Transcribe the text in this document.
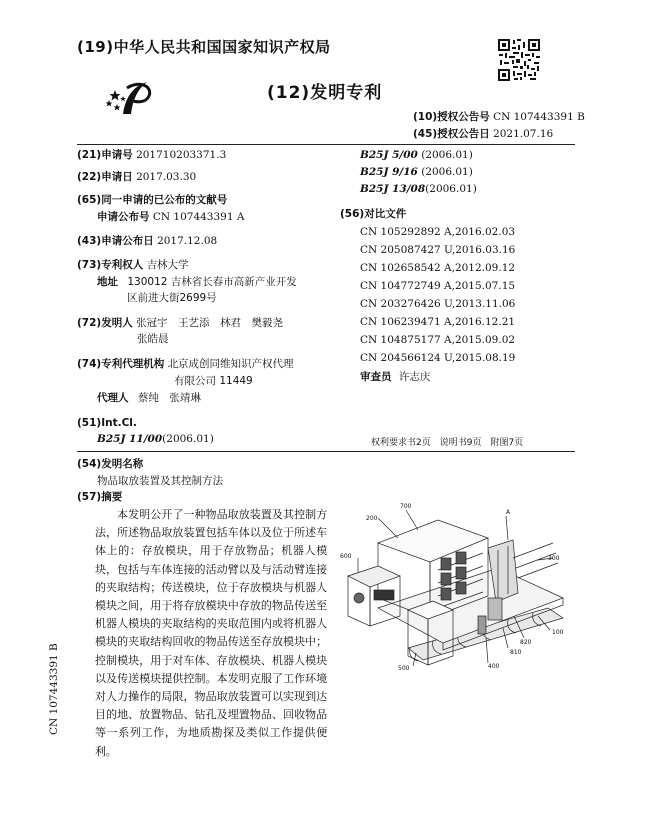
(19)中华人民共和国国家知识产权局
(12)发明专利
(10)授权公告号 CN 107443391 B
(45)授权公告日 2021.07.16
(21)申请号 201710203371.3
(22)申请日 2017.03.30
(65)同一申请的已公布的文献号
申请公布号 CN 107443391 A
(43)申请公布日 2017.12.08
(73)专利权人 吉林大学
地址 130012 吉林省长春市高新产业开发
区前进大街2699号
(72)发明人 张冠宇　王艺添　林君　樊毅尧
张皓晨
(74)专利代理机构 北京成创同维知识产权代理
有限公司 11449
代理人 蔡纯　张靖琳
(51)Int.Cl.
B25J 11/00(2006.01)
B25J 5/00 (2006.01)
B25J 9/16 (2006.01)
B25J 13/08(2006.01)
(56)对比文件
CN 105292892 A,2016.02.03
CN 205087427 U,2016.03.16
CN 102658542 A,2012.09.12
CN 104772749 A,2015.07.15
CN 203276426 U,2013.11.06
CN 106239471 A,2016.12.21
CN 104875177 A,2015.09.02
CN 204566124 U,2015.08.19
审查员 许志庆
权利要求书2页　说明书9页　附图7页
(54)发明名称
物品取放装置及其控制方法
(57)摘要
本发明公开了一种物品取放装置及其控制方法，所述物品取放装置包括车体以及位于所述车体上的：存放模块，用于存放物品；机器人模块，包括与车体连接的活动臂以及与活动臂连接的夹取结构；传送模块，位于存放模块与机器人模块之间，用于将存放模块中存放的物品传送至机器人模块的夹取结构的夹取范围内或将机器人模块的夹取结构回收的物品传送至存放模块中；控制模块，用于对车体、存放模块、机器人模块以及传送模块提供控制。本发明克服了工作环境对人力操作的局限，物品取放装置可以实现到达目的地、放置物品、钻孔及埋置物品、回收物品等一系列工作，为地质勘探及类似工作提供便利。
CN 107443391 B
700
200
A
300
600
820
100
810
400
500
